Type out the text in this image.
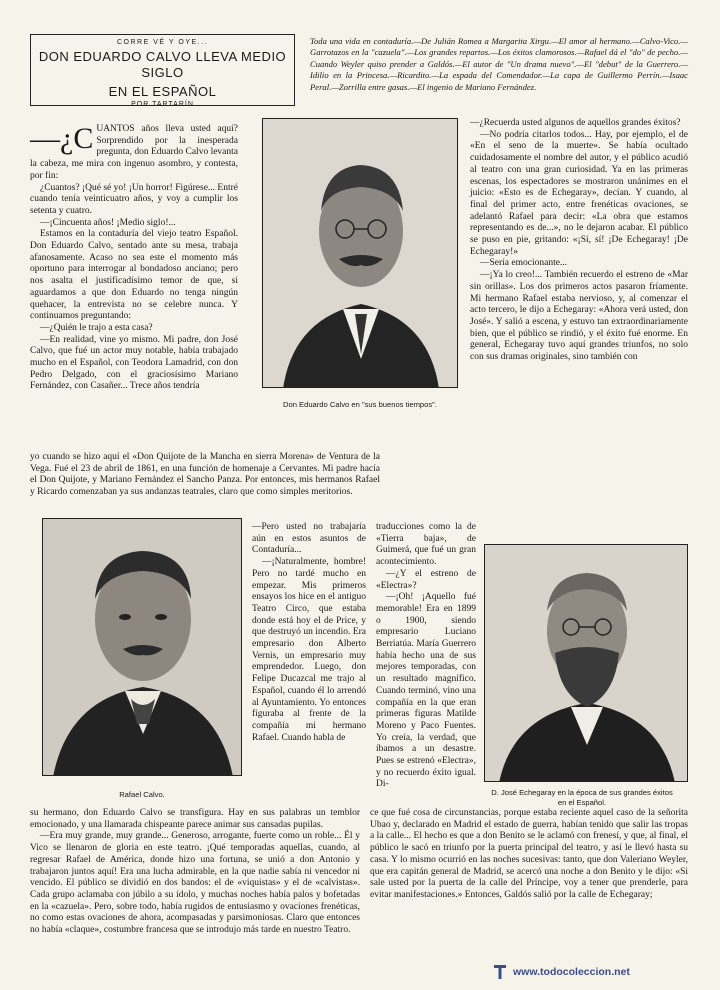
CORRE VÉ Y OYE...
DON EDUARDO CALVO LLEVA MEDIO SIGLO
EN EL ESPAÑOL
POR TARTARÍN
Toda una vida en contaduría.—De Julián Romea a Margarita Xirgu.—El amor al hermano.—Calvo-Vico.—Garrotazos en la "cazuela".—Los grandes repartos.—Los éxitos clamorosos.—Rafael dá el "do" de pecho.—Cuando Weyler quiso prender a Galdós.—El autor de "Un drama nuevo".—El "debut" de la Guerrero.—Idilio en la Princesa.—Ricardito.—La espada del Comendador.—La capa de Guillermo Perrín.—Isaac Peral.—Zorrilla entre gasas.—El ingenio de Mariano Fernández.

—¿C UANTOS años lleva usted aquí? Sorprendido por la inesperada pregunta, don Eduardo Calvo levanta la cabeza, me mira con ingenuo asombro, y contesta, por fin:

¿Cuantos? ¡Qué sé yo! ¡Un horror! Figúrese... Entré cuando tenía veinticuatro años, y voy a cumplir los setenta y cuatro.

—¡Cincuenta años! ¡Medio siglo!...

Estamos en la contaduría del viejo teatro Español. Don Eduardo Calvo, sentado ante su mesa, trabaja afanosamente. Acaso no sea este el momento más oportuno para interrogar al bondadoso anciano; pero nos asalta el justificadísimo temor de que, si aguardamos a que don Eduardo no tenga ningún quehacer, la entrevista no se celebre nunca. Y continuamos preguntando:

—¿Quién le trajo a esta casa?

—En realidad, vine yo mismo. Mi padre, don José Calvo, que fué un actor muy notable, había trabajado mucho en el Español, con Teodora Lamadrid, con don Pedro Delgado, con el graciosísimo Mariano Fernández, con Casañer... Trece años tendría

Don Eduardo Calvo en "sus buenos tiempos".

—¿Recuerda usted algunos de aquellos grandes éxitos?

—No podría citarlos todos... Hay, por ejemplo, el de «En el seno de la muerte». Se había ocultado cuidadosamente el nombre del autor, y el público acudió al teatro con una gran curiosidad. Ya en las primeras escenas, los espectadores se mostraron unánimes en el juicio: «Esto es de Echegaray», decían. Y cuando, al final del primer acto, entre frenéticas ovaciones, se adelantó Rafael para decir: «La obra que estamos representando es de...», no le dejaron acabar. El público se puso en pie, gritando: «¡Sí, sí! ¡De Echegaray! ¡De Echegaray!»

—Sería emocionante...

—¡Ya lo creo!... También recuerdo el estreno de «Mar sin orillas». Los dos primeros actos pasaron fríamente. Mi hermano Rafael estaba nervioso, y, al comenzar el acto tercero, le dijo a Echegaray: «Ahora verá usted, don José». Y salió a escena, y estuvo tan extraordinariamente bien, que el público se rindió, y el éxito fué enorme. En general, Echegaray tuvo aquí grandes triunfos, no solo con sus dramas originales, sino también con

yo cuando se hizo aquí el «Don Quijote de la Mancha en sierra Morena» de Ventura de la Vega. Fué el 23 de abril de 1861, en una función de homenaje a Cervantes. Mi padre hacía el Don Quijote, y Mariano Fernández el Sancho Panza. Por entonces, mis hermanos Rafael y Ricardo comenzaban ya sus andanzas teatrales, claro que como simples meritorios.

Rafael Calvo.

—Pero usted no trabajaría aún en estos asuntos de Contaduría...

—¡Naturalmente, hombre! Pero no tardé mucho en empezar. Mis primeros ensayos los hice en el antiguo Teatro Circo, que estaba donde está hoy el de Price, y que destruyó un incendio. Era empresario don Alberto Vernis, un empresario muy emprendedor. Luego, don Felipe Ducazcal me trajo al Español, cuando él lo arrendó al Ayuntamiento. Yo entonces figuraba al frente de la compañía mi hermano Rafael. Cuando habla de

traducciones como la de «Tierra baja», de Guimerá, que fué un gran acontecimiento.

—¿Y el estreno de «Electra»?

—¡Oh! ¡Aquello fué memorable! Era en 1899 o 1900, siendo empresario Luciano Berriatúa. María Guerrero había hecho una de sus mejores temporadas, con un resultado magnífico. Cuando terminó, vino una compañía en la que eran primeras figuras Matilde Moreno y Paco Fuentes. Yo creía, la verdad, que íbamos a un desastre. Pues se estrenó «Electra», y no recuerdo éxito igual. Di-

D. José Echegaray en la época de sus grandes éxitos
en el Español.

su hermano, don Eduardo Calvo se transfigura. Hay en sus palabras un temblor emocionado, y una llamarada chispeante parece animar sus cansadas pupilas.

—Era muy grande, muy grande... Generoso, arrogante, fuerte como un roble... Él y Vico se llenaron de gloria en este teatro. ¡Qué temporadas aquellas, cuando, al regresar Rafael de América, donde hizo una fortuna, se unió a don Antonio y trabajaron juntos aquí! Era una lucha admirable, en la que nadie sabía ni vencedor ni vencido. El público se dividió en dos bandos: el de «viquistas» y el de «calvistas». Cada grupo aclamaba con júbilo a su ídolo, y muchas noches había palos y bofetadas en la «cazuela». Pero, sobre todo, había rugidos de entusiasmo y ovaciones frenéticas, no como estas ovaciones de ahora, acompasadas y parsimoniosas. Claro que entonces no había «claque», costumbre francesa que se introdujo más tarde en nuestro Teatro.

ce que fué cosa de circunstancias, porque estaba reciente aquel caso de la señorita Ubao y, declarado en Madrid el estado de guerra, habían tenido que salir las tropas a la calle... El hecho es que a don Benito se le aclamó con frenesí, y que, al final, el público le sacó en triunfo por la puerta principal del teatro, y así le llevó hasta su casa. Y lo mismo ocurrió en las noches sucesivas: tanto, que don Valeriano Weyler, que era capitán general de Madrid, se acercó una noche a don Benito y le dijo: «Si sale usted por la puerta de la calle del Príncipe, voy a tener que prenderle, para evitar manifestaciones.» Entonces, Galdós salió por la calle de Echegaray;

www.todocoleccion.net
